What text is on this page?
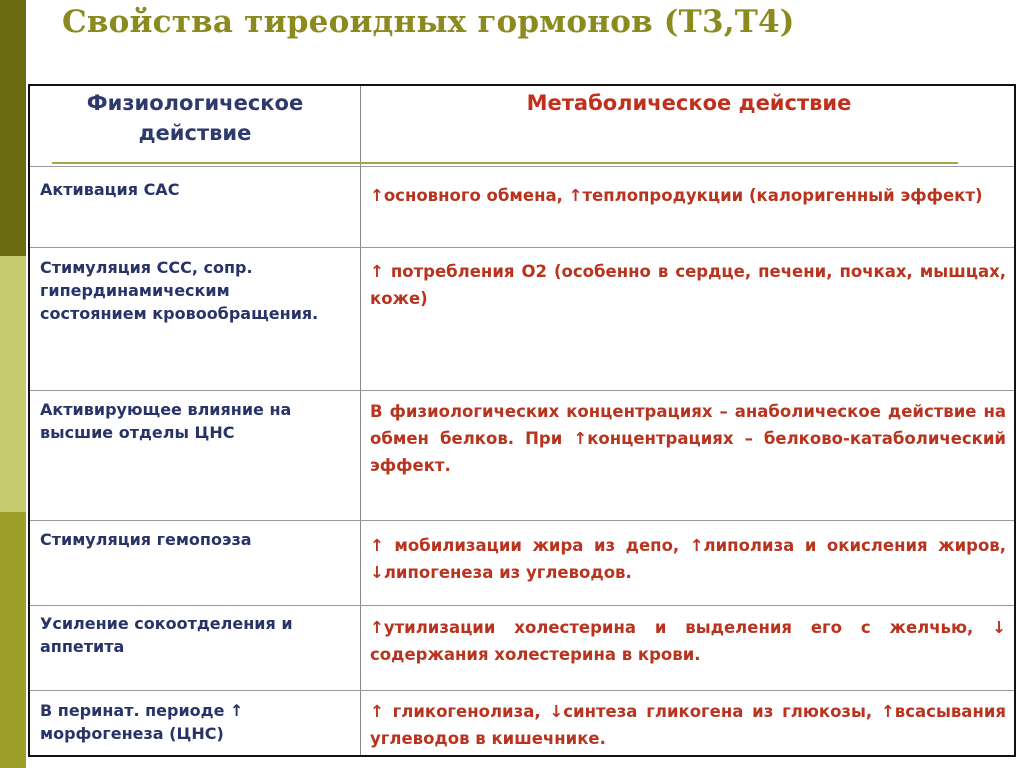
Свойства тиреоидных гормонов (Т3,Т4)
Физиологическое действие
Метаболическое действие
Активация САС	↑основного обмена, ↑теплопродукции (калоригенный эффект)
Стимуляция ССС, сопр. гипердинамическим состоянием кровообращения.
↑ потребления О2 (особенно в сердце, печени, почках, мышцах, коже)
Активирующее влияние на высшие отделы ЦНС
В физиологических концентрациях – анаболическое действие на обмен белков. При ↑концентрациях – белково-катаболический эффект.
Стимуляция гемопоэза	↑ мобилизации жира из депо, ↑липолиза и окисления жиров, ↓липогенеза из углеводов.
Усиление сокоотделения и аппетита
↑утилизации холестерина и выделения его с желчью, ↓ содержания холестерина в крови.
В перинат. периоде ↑ морфогенеза (ЦНС)
↑ гликогенолиза, ↓синтеза гликогена из глюкозы, ↑всасывания углеводов в кишечнике.
